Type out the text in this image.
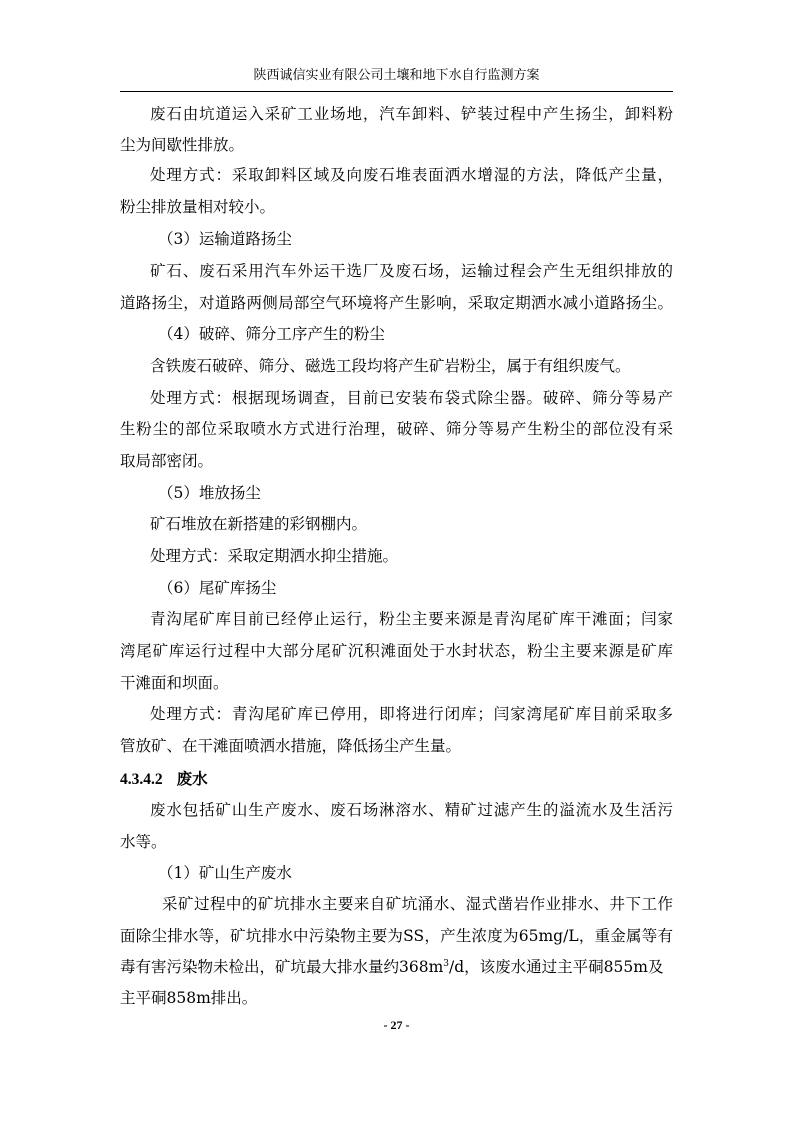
陕西诚信实业有限公司土壤和地下水自行监测方案
废石由坑道运入采矿工业场地，汽车卸料、铲装过程中产生扬尘，卸料粉
尘为间歇性排放。
处理方式：采取卸料区域及向废石堆表面洒水增湿的方法，降低产尘量，
粉尘排放量相对较小。
（3）运输道路扬尘
矿石、废石采用汽车外运干选厂及废石场，运输过程会产生无组织排放的
道路扬尘，对道路两侧局部空气环境将产生影响，采取定期洒水减小道路扬尘。
（4）破碎、筛分工序产生的粉尘
含铁废石破碎、筛分、磁选工段均将产生矿岩粉尘，属于有组织废气。
处理方式：根据现场调查，目前已安装布袋式除尘器。破碎、筛分等易产
生粉尘的部位采取喷水方式进行治理，破碎、筛分等易产生粉尘的部位没有采
取局部密闭。
（5）堆放扬尘
矿石堆放在新搭建的彩钢棚内。
处理方式：采取定期洒水抑尘措施。
（6）尾矿库扬尘
青沟尾矿库目前已经停止运行，粉尘主要来源是青沟尾矿库干滩面；闫家
湾尾矿库运行过程中大部分尾矿沉积滩面处于水封状态，粉尘主要来源是矿库
干滩面和坝面。
处理方式：青沟尾矿库已停用，即将进行闭库；闫家湾尾矿库目前采取多
管放矿、在干滩面喷洒水措施，降低扬尘产生量。
4.3.4.2 废水
废水包括矿山生产废水、废石场淋溶水、精矿过滤产生的溢流水及生活污
水等。
（1）矿山生产废水
采矿过程中的矿坑排水主要来自矿坑涌水、湿式凿岩作业排水、井下工作
面除尘排水等，矿坑排水中污染物主要为SS，产生浓度为65mg/L，重金属等有
毒有害污染物未检出，矿坑最大排水量约$368m^3/d$，该废水通过主平硐855m及
主平硐858m排出。
- 27 -
